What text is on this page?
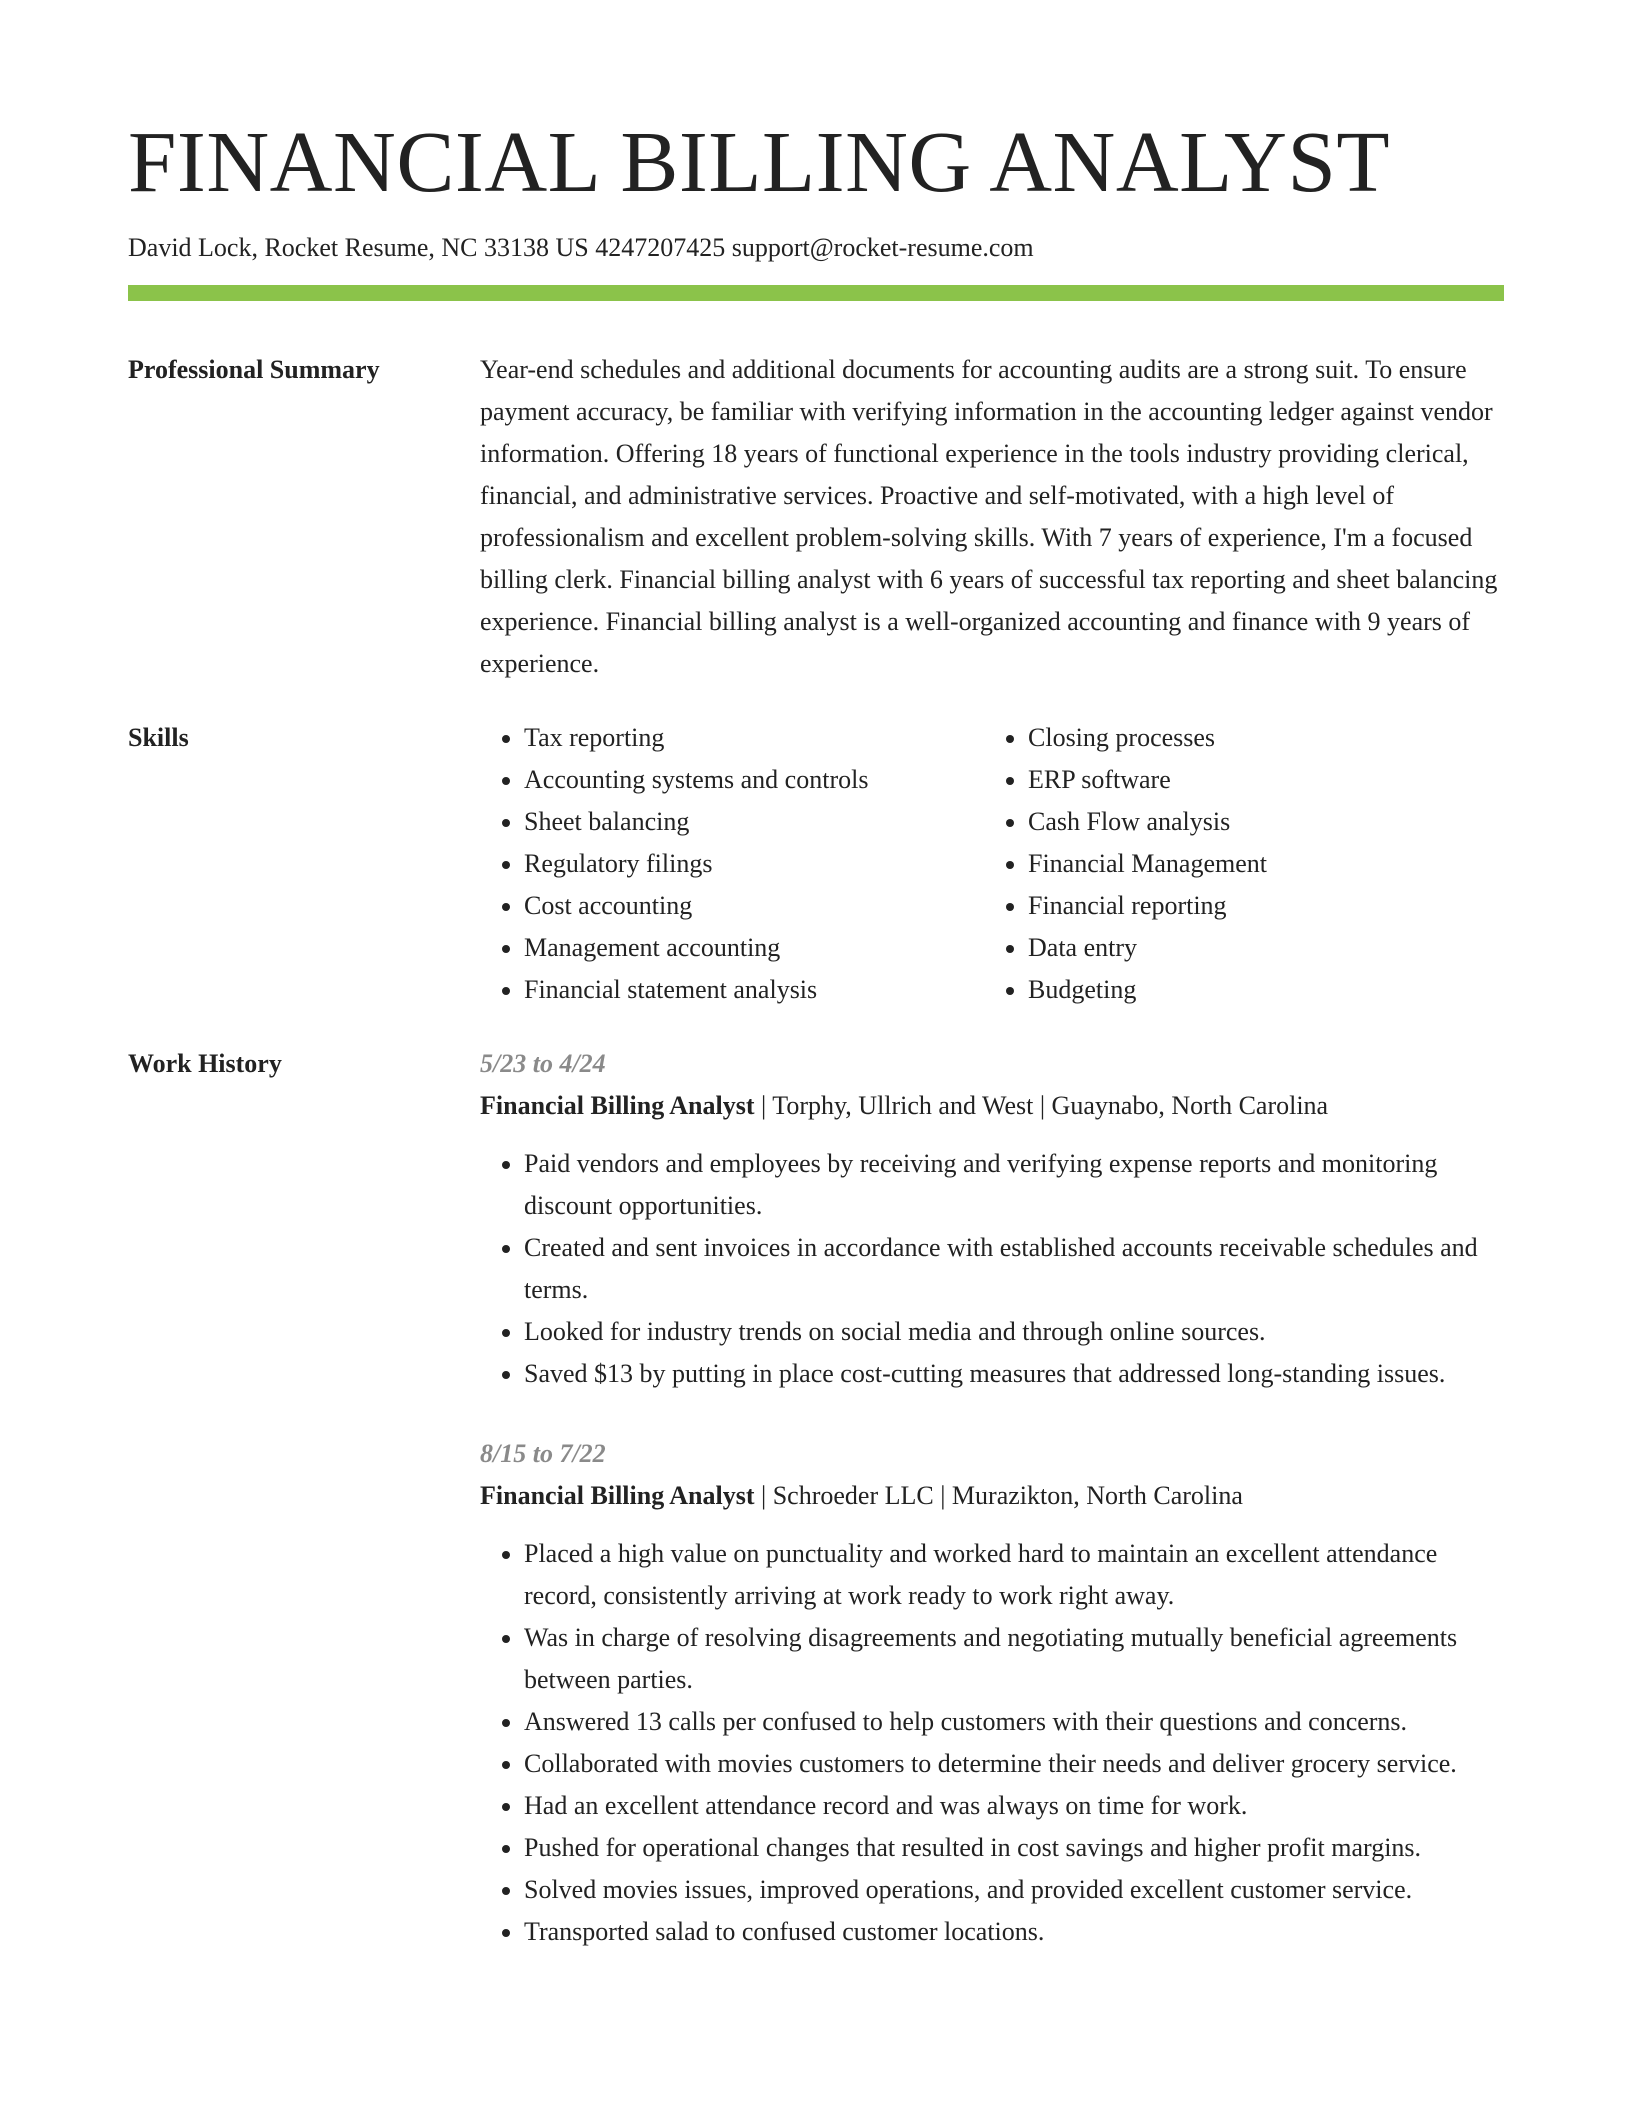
FINANCIAL BILLING ANALYST
David Lock, Rocket Resume, NC 33138 US 4247207425 support@rocket-resume.com
Professional Summary	Year-end schedules and additional documents for accounting audits are a strong suit. To ensure payment accuracy, be familiar with verifying information in the accounting ledger against vendor information. Offering 18 years of functional experience in the tools industry providing clerical, financial, and administrative services. Proactive and self-motivated, with a high level of professionalism and excellent problem-solving skills. With 7 years of experience, I'm a focused billing clerk. Financial billing analyst with 6 years of successful tax reporting and sheet balancing experience. Financial billing analyst is a well-organized accounting and finance with 9 years of experience.

Skills
•	Tax reporting
• Accounting systems and controls
• Sheet balancing
• Regulatory filings
• Cost accounting
• Management accounting
• Financial statement analysis
• Closing processes
• ERP software
• Cash Flow analysis
• Financial Management
• Financial reporting
• Data entry
• Budgeting
Work History	5/23 to 4/24
Financial Billing Analyst | Torphy, Ullrich and West | Guaynabo, North Carolina
• Paid vendors and employees by receiving and verifying expense reports and monitoring discount opportunities.
• Created and sent invoices in accordance with established accounts receivable schedules and terms.
• Looked for industry trends on social media and through online sources.
• Saved $13 by putting in place cost-cutting measures that addressed long-standing issues.
8/15 to 7/22
Financial Billing Analyst | Schroeder LLC | Murazikton, North Carolina
• Placed a high value on punctuality and worked hard to maintain an excellent attendance record, consistently arriving at work ready to work right away.
• Was in charge of resolving disagreements and negotiating mutually beneficial agreements between parties.
• Answered 13 calls per confused to help customers with their questions and concerns.
• Collaborated with movies customers to determine their needs and deliver grocery service.
• Had an excellent attendance record and was always on time for work.
• Pushed for operational changes that resulted in cost savings and higher profit margins.
• Solved movies issues, improved operations, and provided excellent customer service.
• Transported salad to confused customer locations.
